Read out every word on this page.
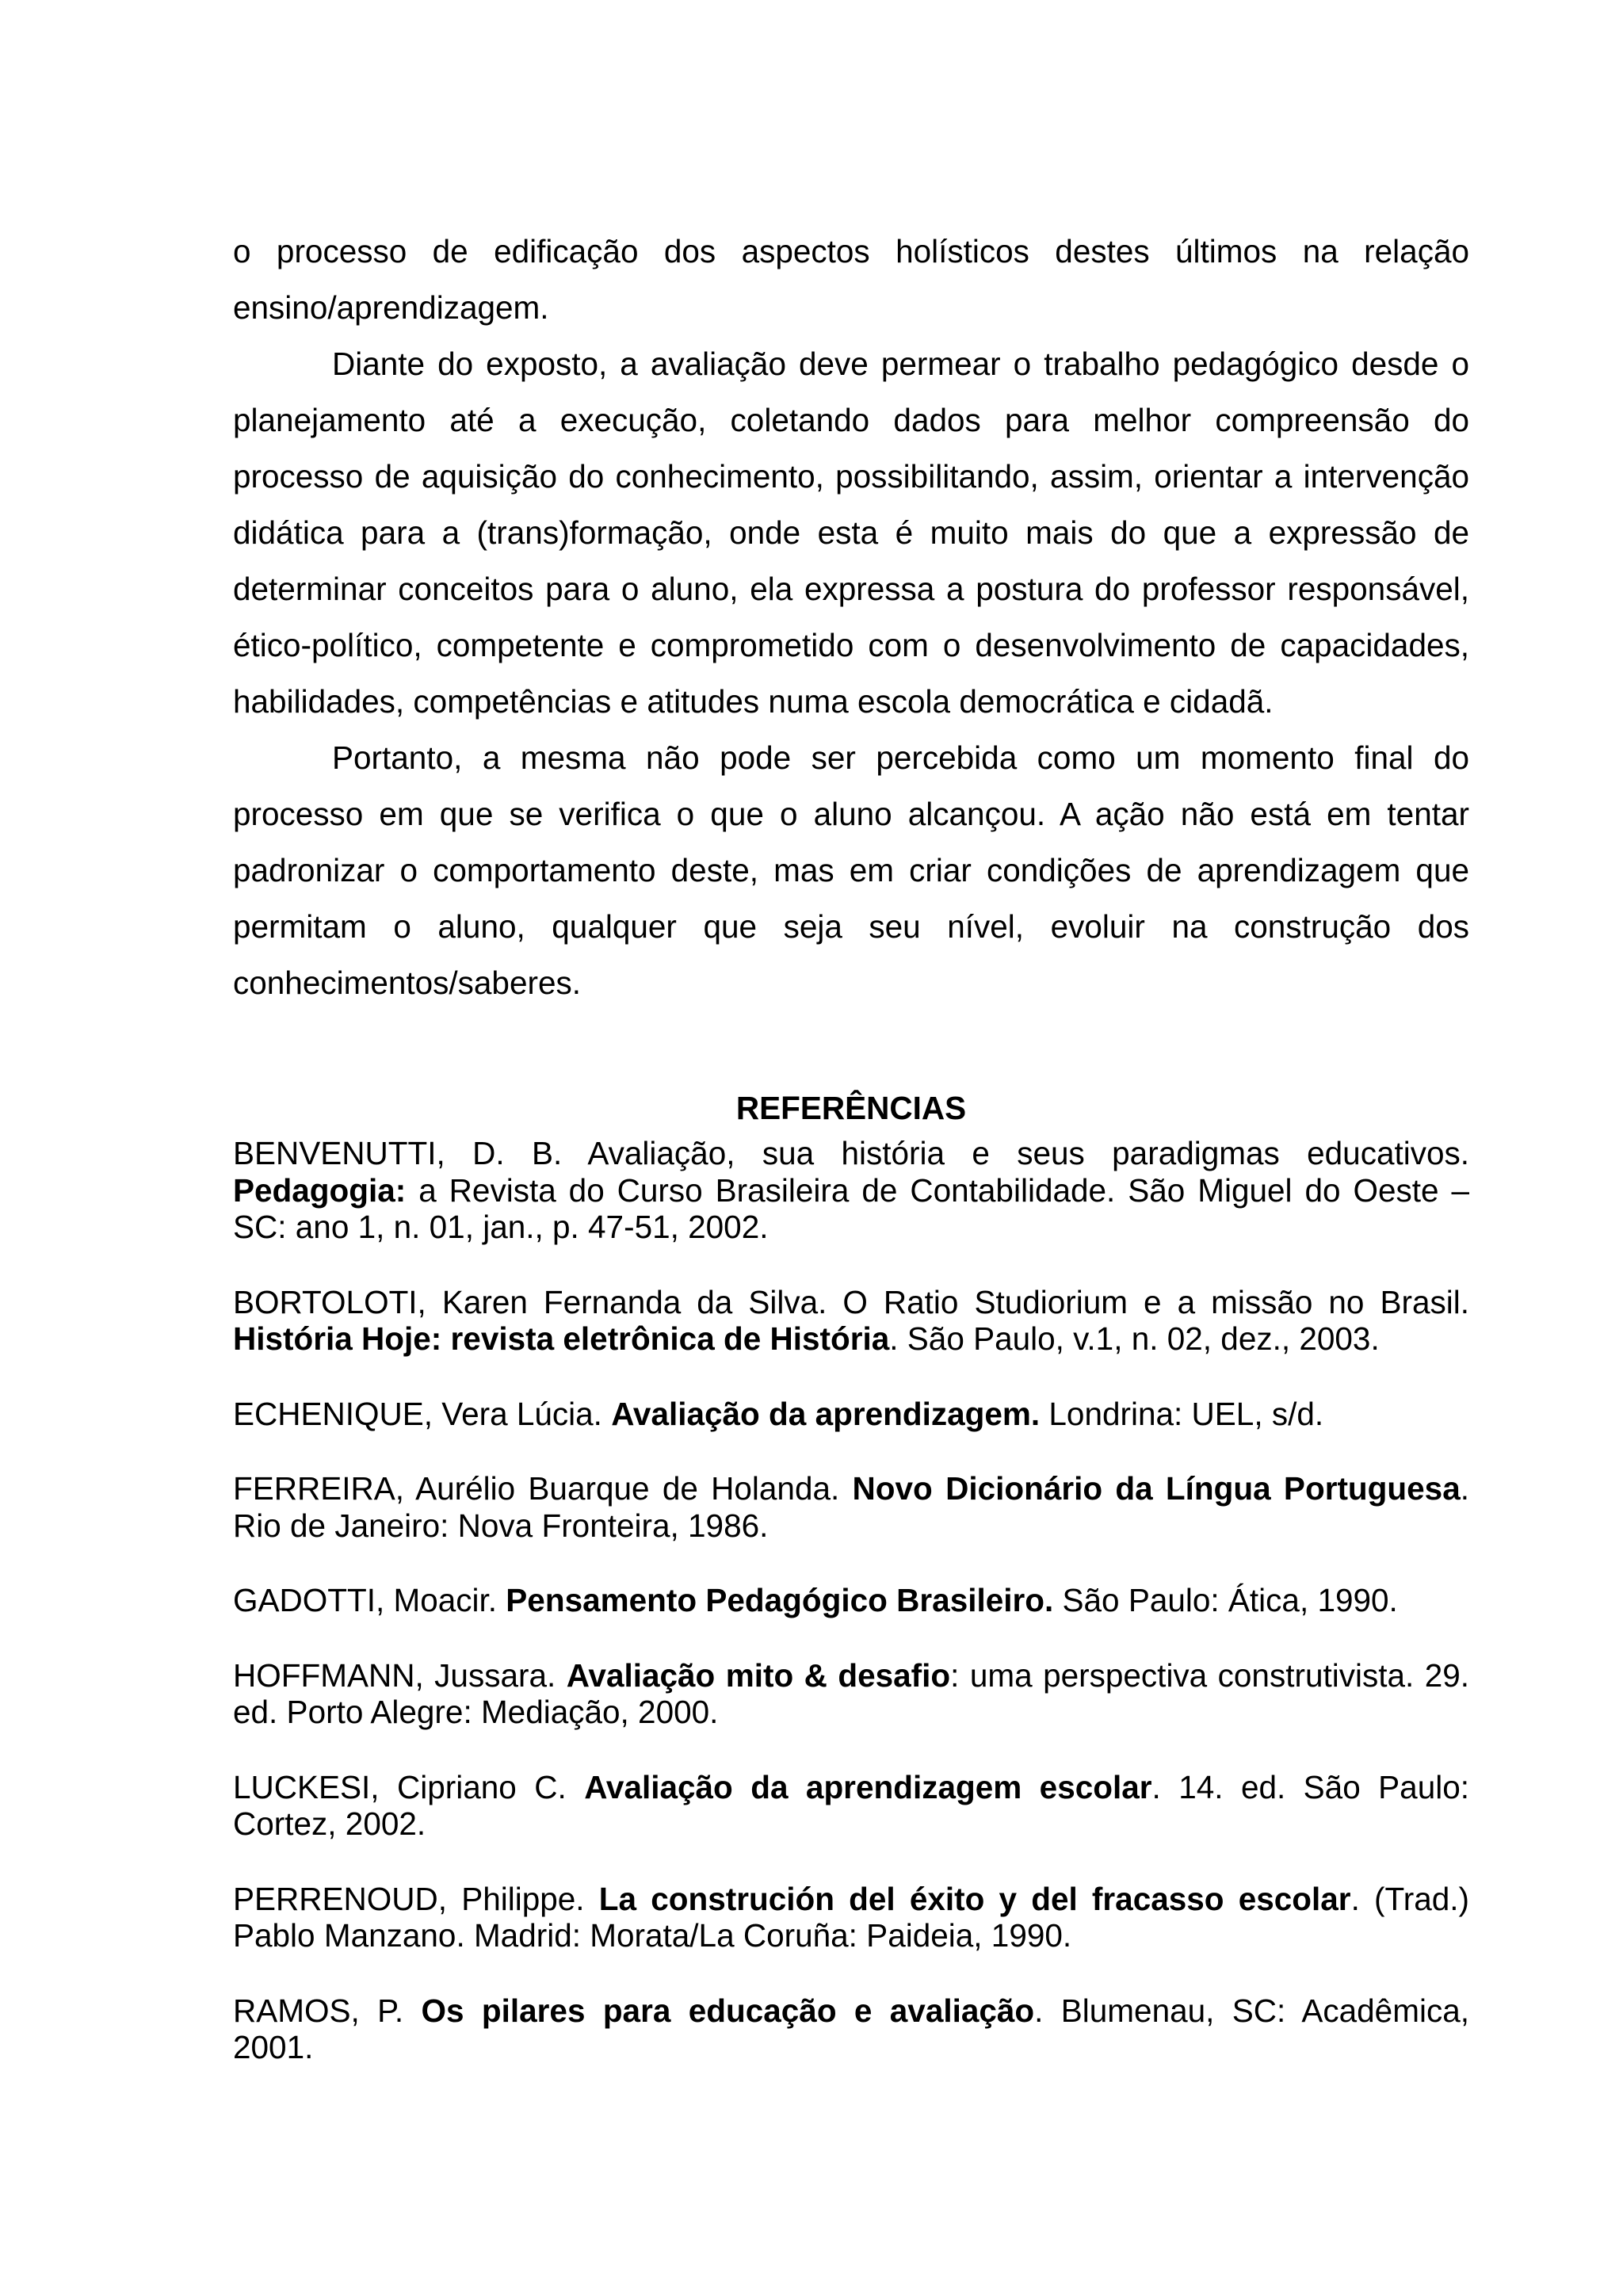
o processo de edificação dos aspectos holísticos destes últimos na relação ensino/aprendizagem.

Diante do exposto, a avaliação deve permear o trabalho pedagógico desde o planejamento até a execução, coletando dados para melhor compreensão do processo de aquisição do conhecimento, possibilitando, assim, orientar a intervenção didática para a (trans)formação, onde esta é muito mais do que a expressão de determinar conceitos para o aluno, ela expressa a postura do professor responsável, ético-político, competente e comprometido com o desenvolvimento de capacidades, habilidades, competências e atitudes numa escola democrática e cidadã.

Portanto, a mesma não pode ser percebida como um momento final do processo em que se verifica o que o aluno alcançou. A ação não está em tentar padronizar o comportamento deste, mas em criar condições de aprendizagem que permitam o aluno, qualquer que seja seu nível, evoluir na construção dos conhecimentos/saberes.

REFERÊNCIAS

BENVENUTTI, D. B. Avaliação, sua história e seus paradigmas educativos. Pedagogia: a Revista do Curso Brasileira de Contabilidade. São Miguel do Oeste – SC: ano 1, n. 01, jan., p. 47-51, 2002.

BORTOLOTI, Karen Fernanda da Silva. O Ratio Studiorium e a missão no Brasil. História Hoje: revista eletrônica de História. São Paulo, v.1, n. 02, dez., 2003.

ECHENIQUE, Vera Lúcia. Avaliação da aprendizagem. Londrina: UEL, s/d.

FERREIRA, Aurélio Buarque de Holanda. Novo Dicionário da Língua Portuguesa. Rio de Janeiro: Nova Fronteira, 1986.

GADOTTI, Moacir. Pensamento Pedagógico Brasileiro. São Paulo: Ática, 1990.

HOFFMANN, Jussara. Avaliação mito & desafio: uma perspectiva construtivista. 29. ed. Porto Alegre: Mediação, 2000.

LUCKESI, Cipriano C. Avaliação da aprendizagem escolar. 14. ed. São Paulo: Cortez, 2002.

PERRENOUD, Philippe. La construción del éxito y del fracasso escolar. (Trad.) Pablo Manzano. Madrid: Morata/La Coruña: Paideia, 1990.

RAMOS, P. Os pilares para educação e avaliação. Blumenau, SC: Acadêmica, 2001.
